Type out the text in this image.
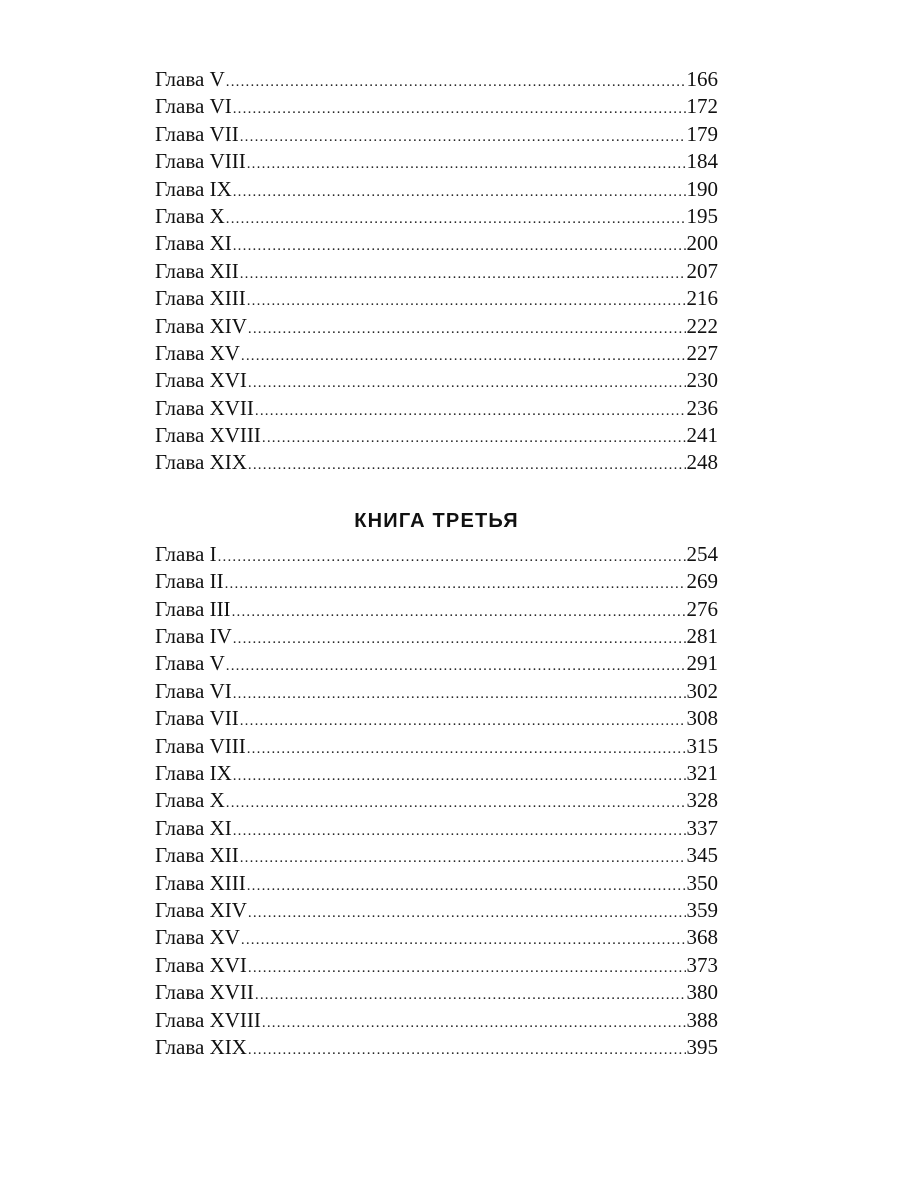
Глава V .....	166
Глава VI .....	172
Глава VII .....	179
Глава VIII .....	184
Глава IX .....	190
Глава X .....	195
Глава XI .....	200
Глава XII .....	207
Глава XIII .....	216
Глава XIV .....	222
Глава XV .....	227
Глава XVI .....	230
Глава XVII .....	236
Глава XVIII .....	241
Глава XIX .....	248
КНИГА ТРЕТЬЯ
Глава I .....	254
Глава II .....	269
Глава III .....	276
Глава IV .....	281
Глава V .....	291
Глава VI .....	302
Глава VII .....	308
Глава VIII .....	315
Глава IX .....	321
Глава X .....	328
Глава XI .....	337
Глава XII .....	345
Глава XIII .....	350
Глава XIV .....	359
Глава XV .....	368
Глава XVI .....	373
Глава XVII .....	380
Глава XVIII .....	388
Глава XIX .....	395
